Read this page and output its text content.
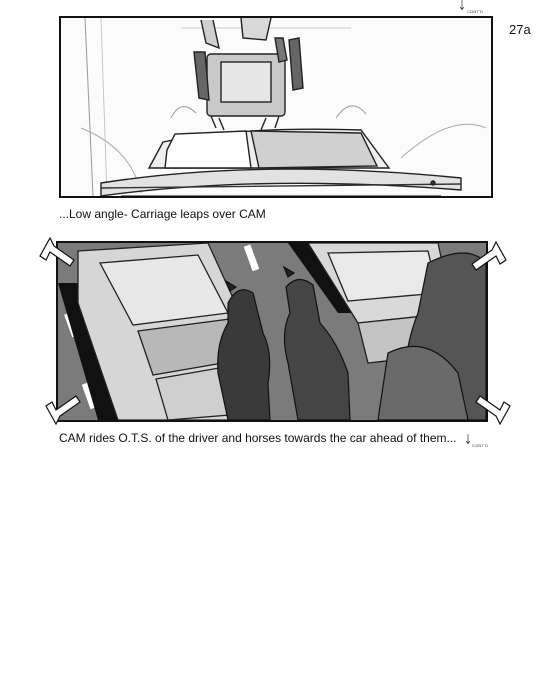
CONT'D
27a
...Low angle- Carriage leaps over CAM
CAM rides O.T.S. of the driver and horses towards the car ahead of them...
CONT'D
